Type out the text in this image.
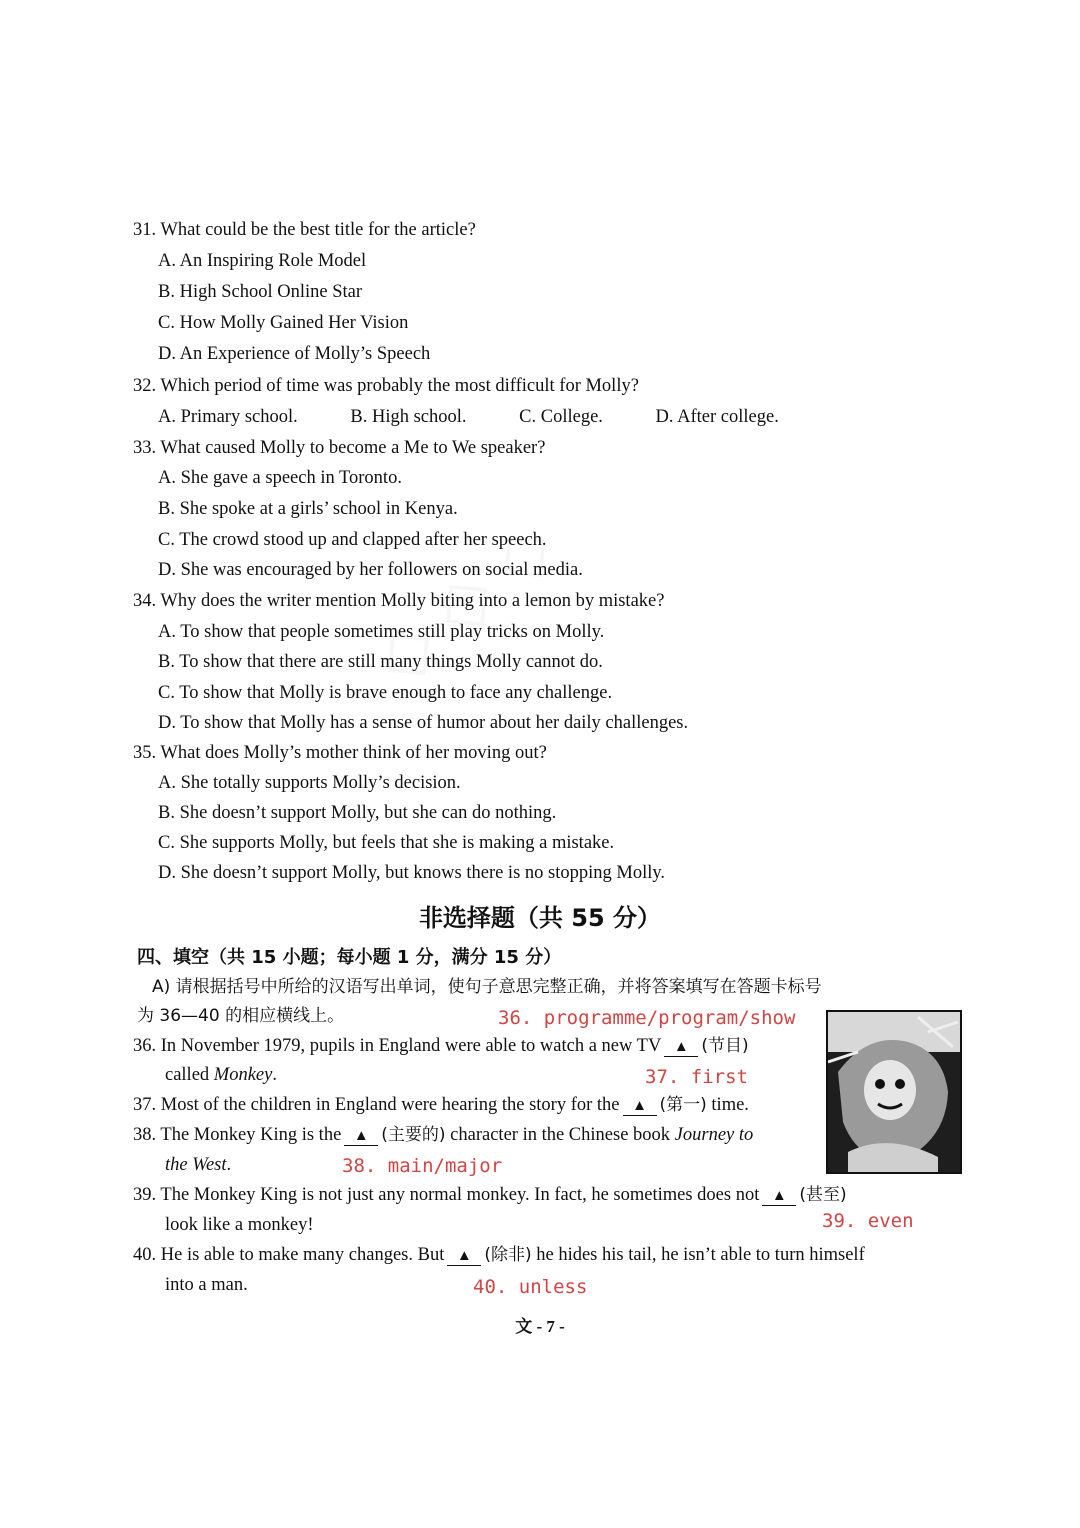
31. What could be the best title for the article?
A. An Inspiring Role Model
B. High School Online Star
C. How Molly Gained Her Vision
D. An Experience of Molly’s Speech
32. Which period of time was probably the most difficult for Molly?
A. Primary school.	B. High school.	C. College.	D. After college.
33. What caused Molly to become a Me to We speaker?
A. She gave a speech in Toronto.
B. She spoke at a girls’ school in Kenya.
C. The crowd stood up and clapped after her speech.
D. She was encouraged by her followers on social media.
34. Why does the writer mention Molly biting into a lemon by mistake?
A. To show that people sometimes still play tricks on Molly.
B. To show that there are still many things Molly cannot do.
C. To show that Molly is brave enough to face any challenge.
D. To show that Molly has a sense of humor about her daily challenges.
35. What does Molly’s mother think of her moving out?
A. She totally supports Molly’s decision.
B. She doesn’t support Molly, but she can do nothing.
C. She supports Molly, but feels that she is making a mistake.
D. She doesn’t support Molly, but knows there is no stopping Molly.
非选择题（共 55 分）
四、填空（共 15 小题；每小题 1 分，满分 15 分）
A) 请根据括号中所给的汉语写出单词，使句子意思完整正确，并将答案填写在答题卡标号
为 36—40 的相应横线上。	36. programme/program/show
36. In November 1979, pupils in England were able to watch a new TV ▲ (节目)
called Monkey.	37. first
37. Most of the children in England were hearing the story for the ▲ (第一) time.
38. The Monkey King is the ▲ (主要的) character in the Chinese book Journey to
the West.	38. main/major
39. The Monkey King is not just any normal monkey. In fact, he sometimes does not ▲ (甚至)
look like a monkey!	39. even
40. He is able to make many changes. But ▲ (除非) he hides his tail, he isn’t able to turn himself
into a man.	40. unless
文 - 7 -
